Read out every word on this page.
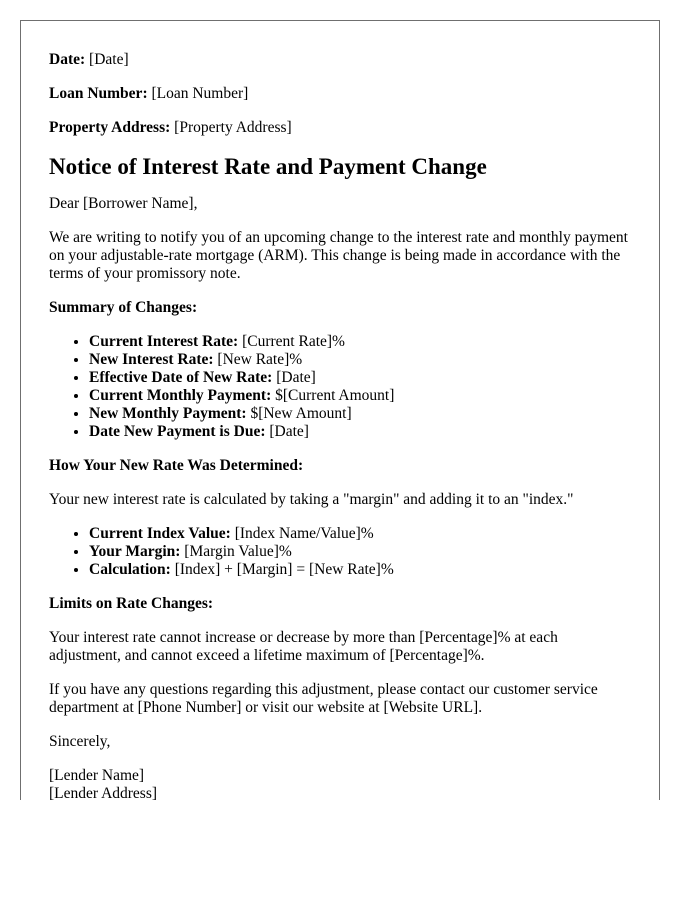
Date: [Date]

Loan Number: [Loan Number]

Property Address: [Property Address]

Notice of Interest Rate and Payment Change

Dear [Borrower Name],

We are writing to notify you of an upcoming change to the interest rate and monthly payment on your adjustable-rate mortgage (ARM). This change is being made in accordance with the terms of your promissory note.

Summary of Changes:

• Current Interest Rate: [Current Rate]%
• New Interest Rate: [New Rate]%
• Effective Date of New Rate: [Date]
• Current Monthly Payment: $[Current Amount]
• New Monthly Payment: $[New Amount]
• Date New Payment is Due: [Date]

How Your New Rate Was Determined:

Your new interest rate is calculated by taking a "margin" and adding it to an "index."

• Current Index Value: [Index Name/Value]%
• Your Margin: [Margin Value]%
• Calculation: [Index] + [Margin] = [New Rate]%

Limits on Rate Changes:

Your interest rate cannot increase or decrease by more than [Percentage]% at each adjustment, and cannot exceed a lifetime maximum of [Percentage]%.

If you have any questions regarding this adjustment, please contact our customer service department at [Phone Number] or visit our website at [Website URL].

Sincerely,

[Lender Name]

[Lender Address]
